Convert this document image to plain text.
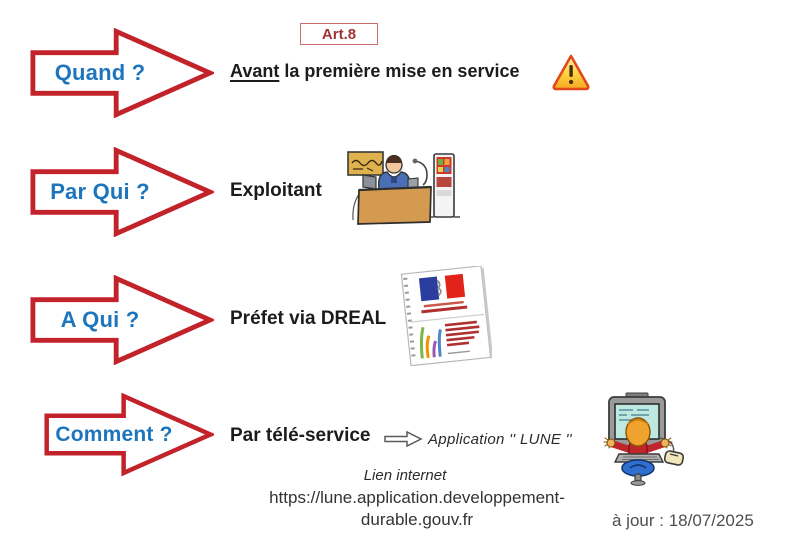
Art.8
Quand ?	Avant la première mise en service
Par Qui ?	Exploitant
A Qui ?	Préfet via DREAL
Comment ?	Par télé-service	Application '' LUNE ''
Lien internet
https://lune.application.developpement-
durable.gouv.fr	à jour : 18/07/2025
